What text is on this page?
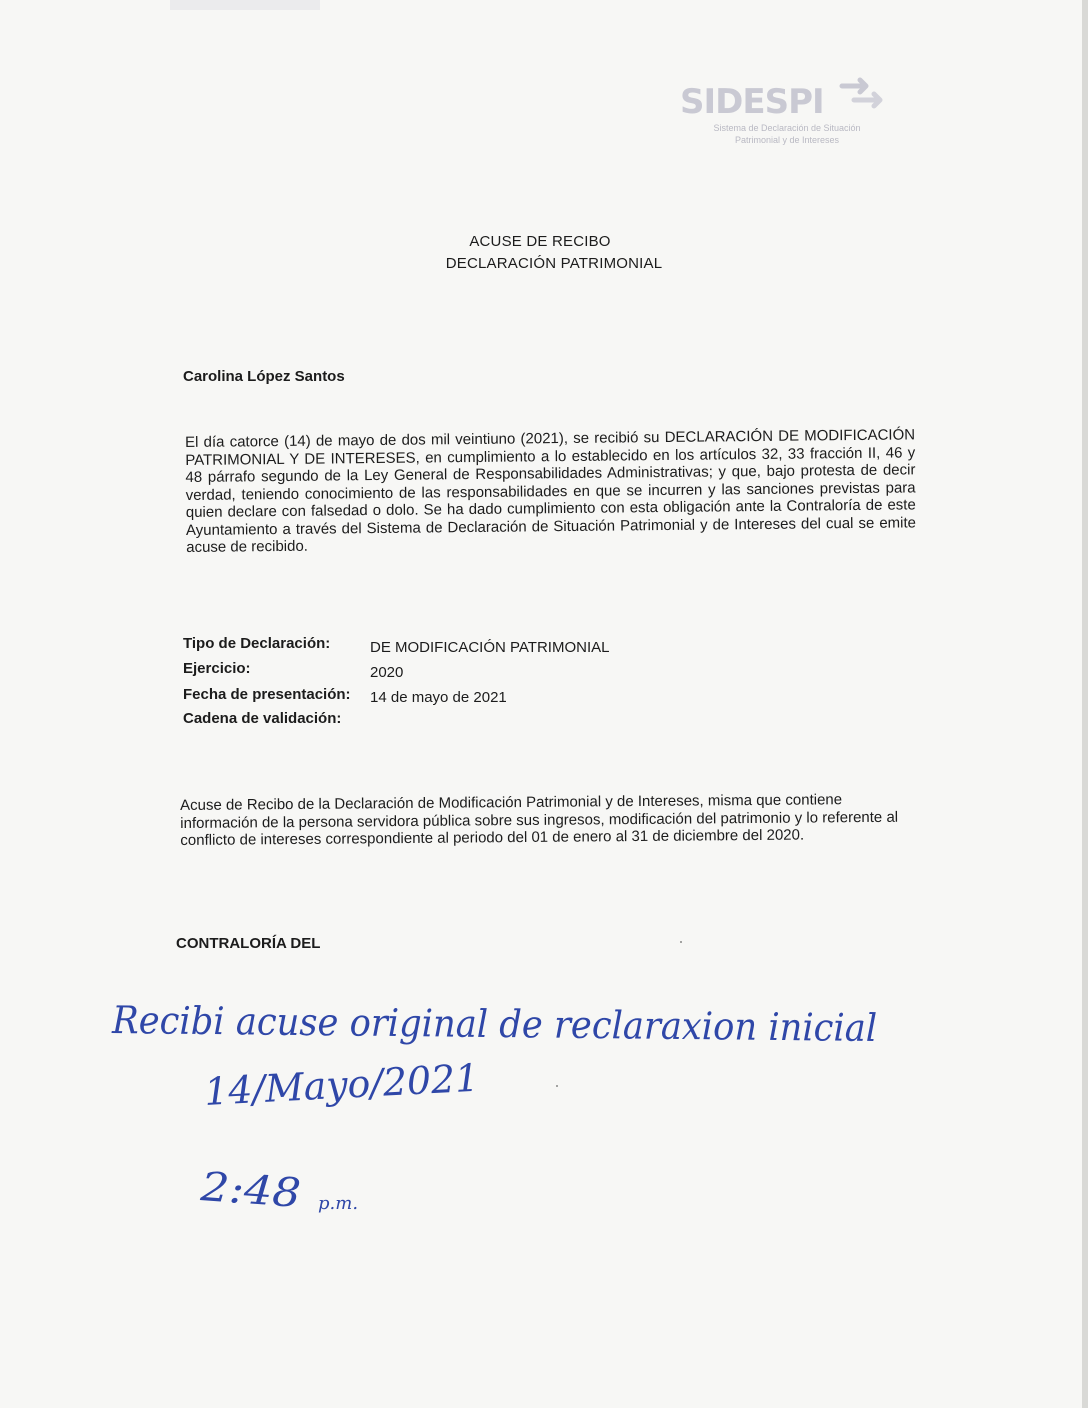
SIDESPI
Sistema de Declaración de Situación
Patrimonial y de Intereses
ACUSE DE RECIBO
DECLARACIÓN PATRIMONIAL
Carolina López Santos
El día catorce (14) de mayo de dos mil veintiuno (2021), se recibió su DECLARACIÓN DE MODIFICACIÓN PATRIMONIAL Y DE INTERESES, en cumplimiento a lo establecido en los artículos 32, 33 fracción II, 46 y 48 párrafo segundo de la Ley General de Responsabilidades Administrativas; y que, bajo protesta de decir verdad, teniendo conocimiento de las responsabilidades en que se incurren y las sanciones previstas para quien declare con falsedad o dolo. Se ha dado cumplimiento con esta obligación ante la Contraloría de este Ayuntamiento a través del Sistema de Declaración de Situación Patrimonial y de Intereses del cual se emite acuse de recibido.
Tipo de Declaración:	DE MODIFICACIÓN PATRIMONIAL
Ejercicio:	2020
Fecha de presentación: 14 de mayo de 2021
Cadena de validación:
Acuse de Recibo de la Declaración de Modificación Patrimonial y de Intereses, misma que contiene información de la persona servidora pública sobre sus ingresos, modificación del patrimonio y lo referente al conflicto de intereses correspondiente al periodo del 01 de enero al 31 de diciembre del 2020.
CONTRALORÍA DEL
Recibi acuse original de reclaraxion inicial
14/Mayo/2021
2:48	p.m.
